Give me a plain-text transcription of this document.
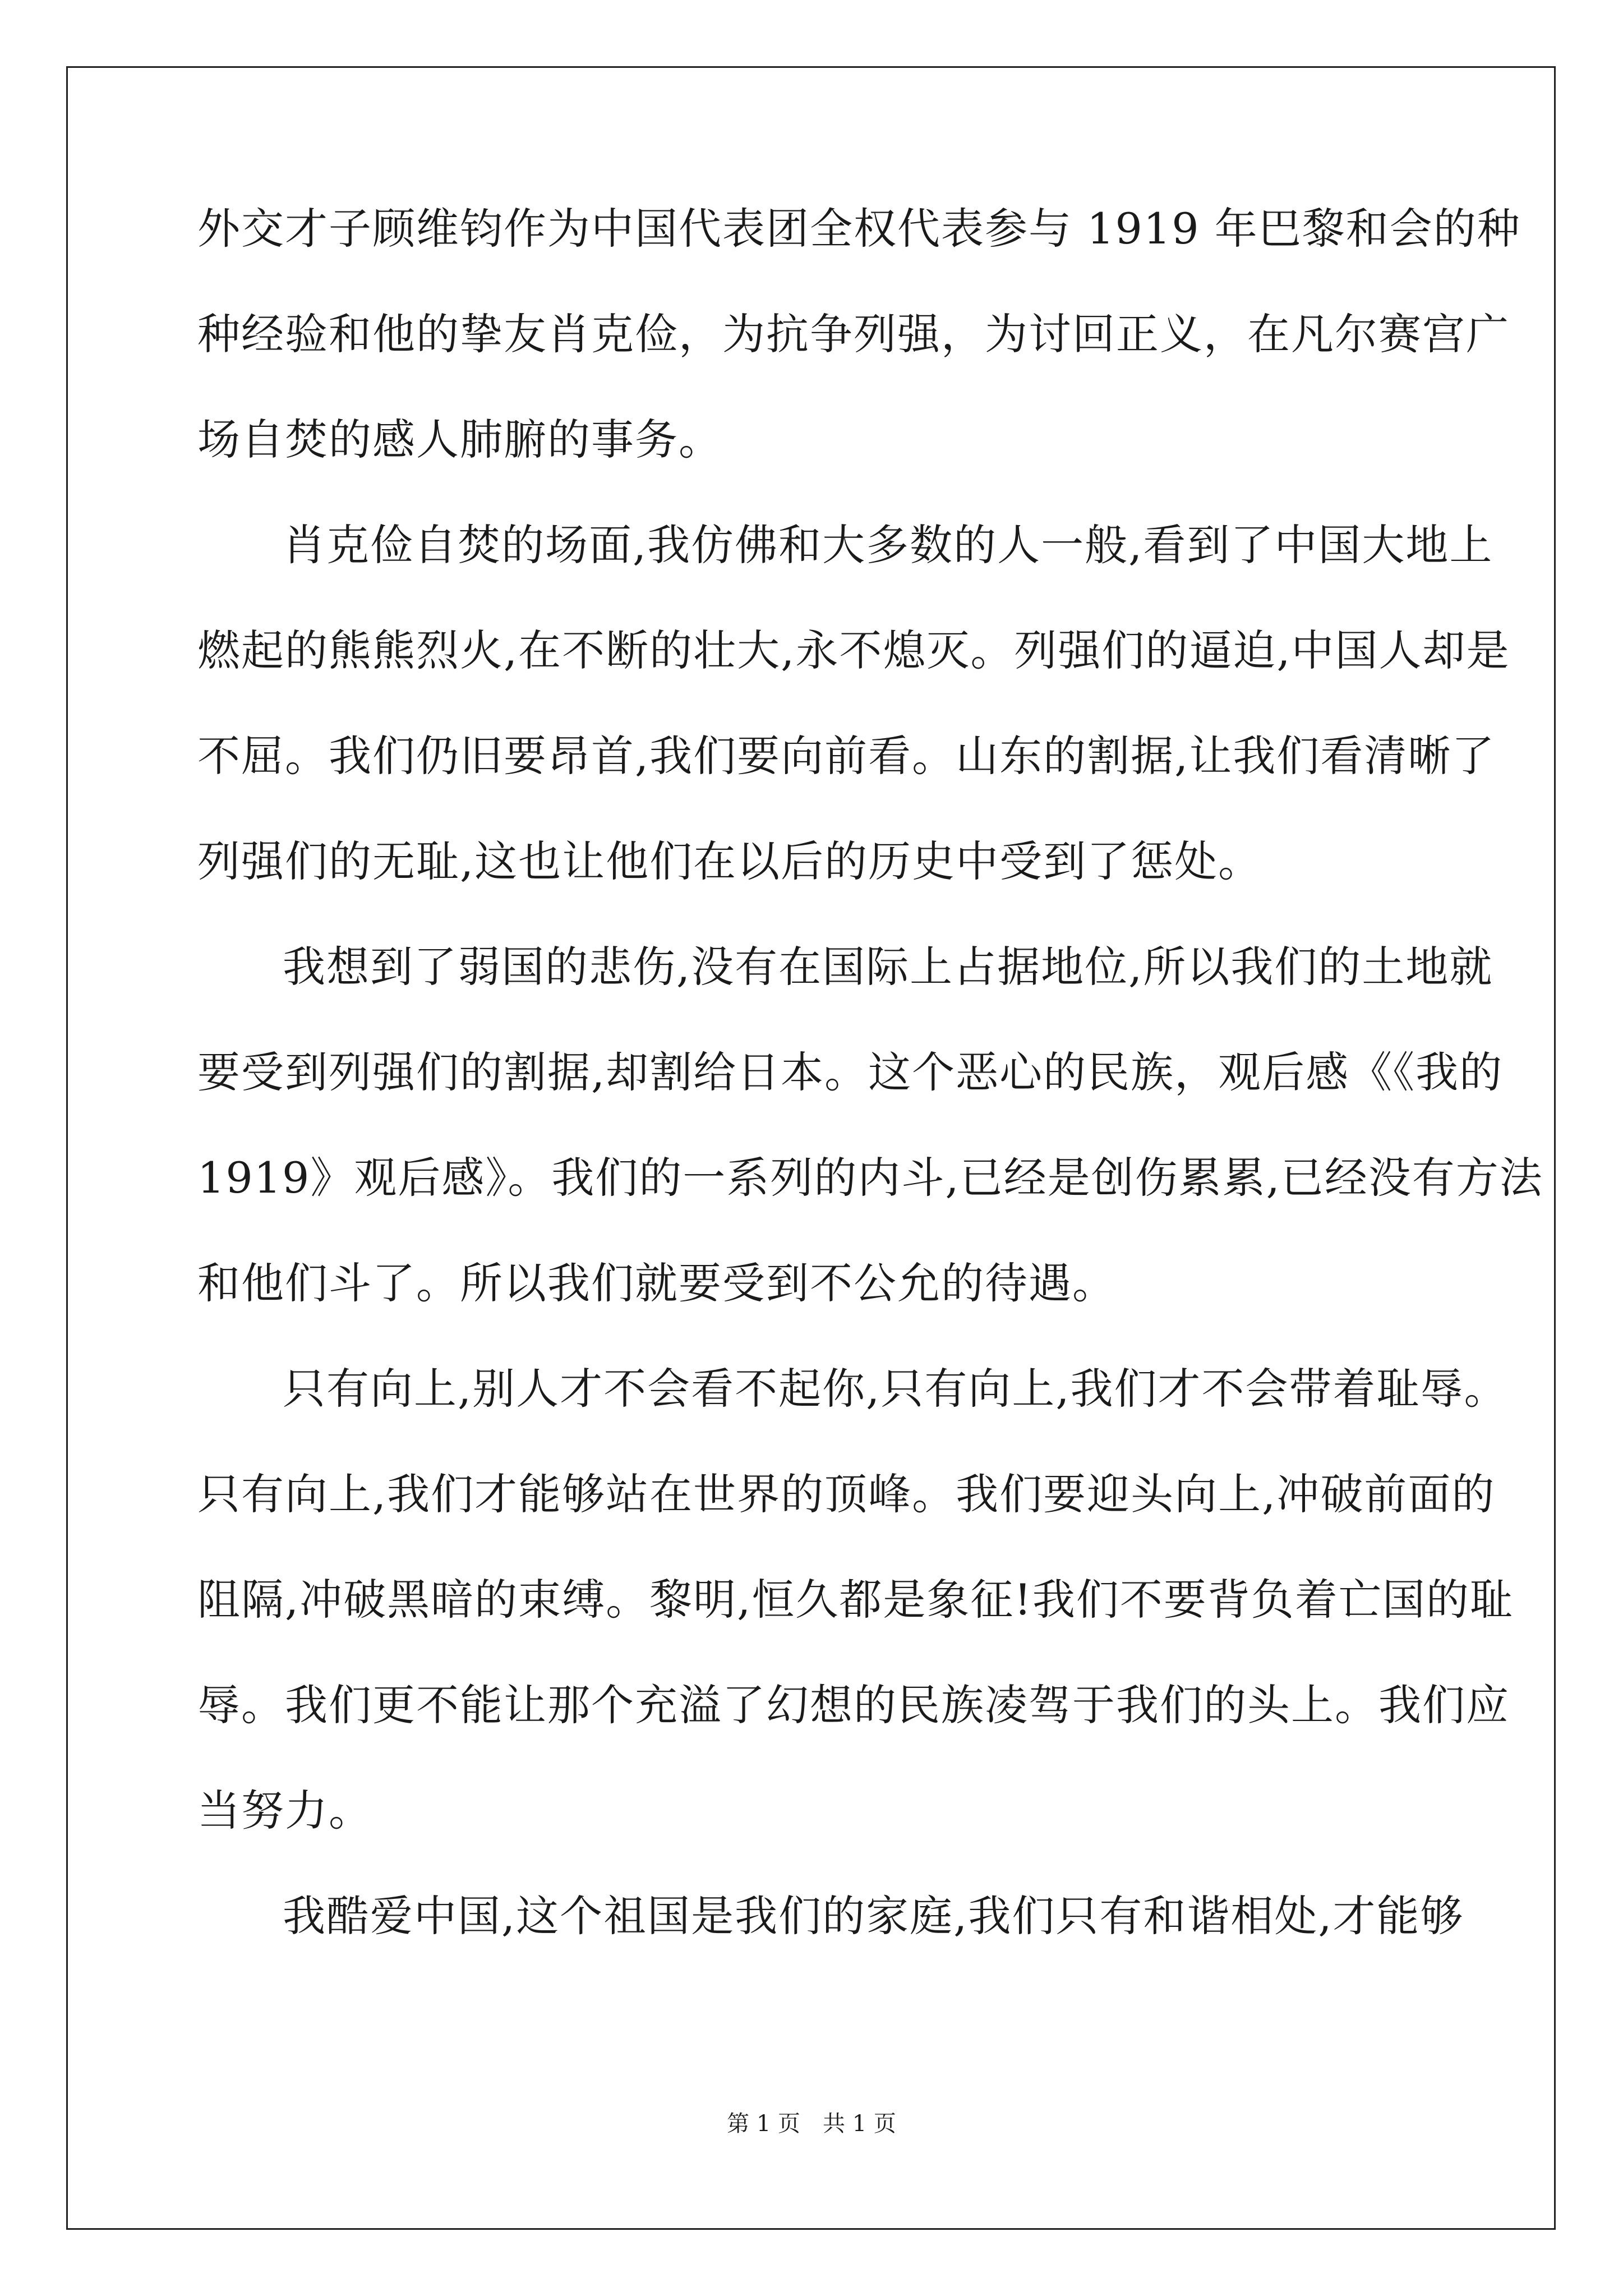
外交才子顾维钧作为中国代表团全权代表参与 1919 年巴黎和会的种
种经验和他的挚友肖克俭，为抗争列强，为讨回正义，在凡尔赛宫广
场自焚的感人肺腑的事务。
肖克俭自焚的场面,我仿佛和大多数的人一般,看到了中国大地上
燃起的熊熊烈火,在不断的壮大,永不熄灭。列强们的逼迫,中国人却是
不屈。我们仍旧要昂首,我们要向前看。山东的割据,让我们看清晰了
列强们的无耻,这也让他们在以后的历史中受到了惩处。
我想到了弱国的悲伤,没有在国际上占据地位,所以我们的土地就
要受到列强们的割据,却割给日本。这个恶心的民族，观后感《《我的
1919》观后感》。我们的一系列的内斗,已经是创伤累累,已经没有方法
和他们斗了。所以我们就要受到不公允的待遇。
只有向上,别人才不会看不起你,只有向上,我们才不会带着耻辱。
只有向上,我们才能够站在世界的顶峰。我们要迎头向上,冲破前面的
阻隔,冲破黑暗的束缚。黎明,恒久都是象征!我们不要背负着亡国的耻
辱。我们更不能让那个充溢了幻想的民族凌驾于我们的头上。我们应
当努力。
我酷爱中国,这个祖国是我们的家庭,我们只有和谐相处,才能够
第 1 页　共 1 页
